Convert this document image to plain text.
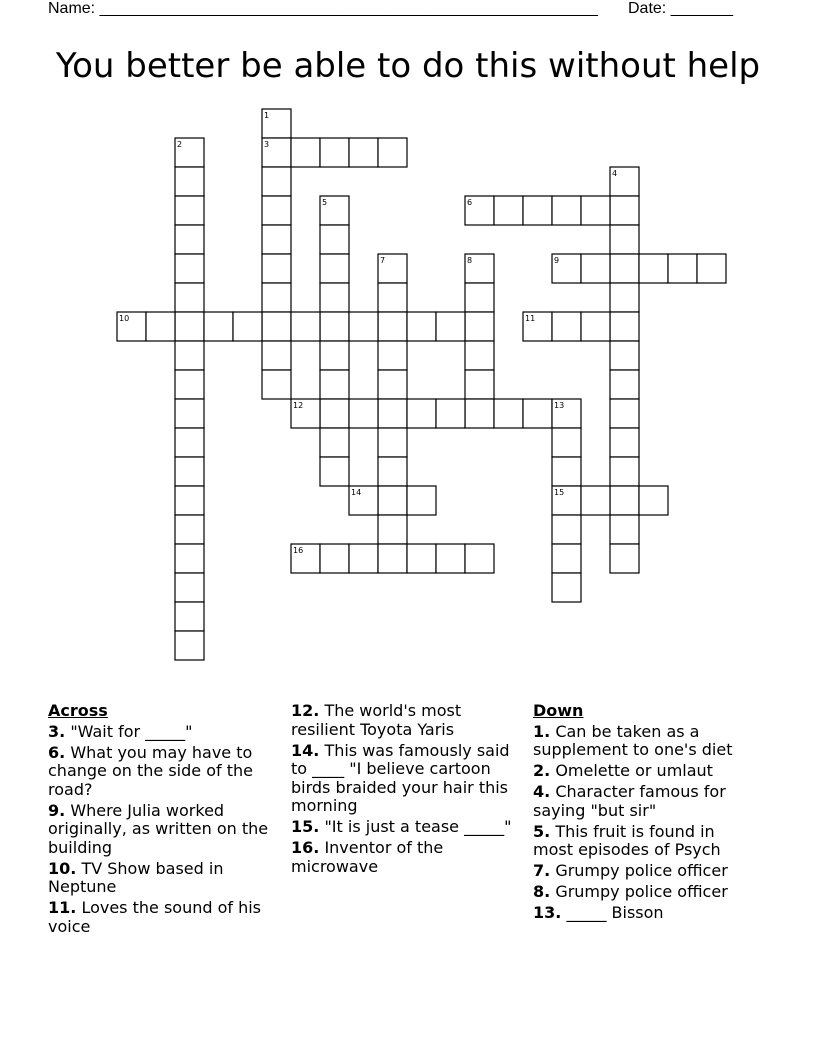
Name: ________________________________________________________ Date: _______
You better be able to do this without help
1
2	3
4
5	6
7	8	9
10	11
12	13
14	15
16
Across
3. "Wait for _____"
6. What you may have to change on the side of the road?
9. Where Julia worked originally, as written on the building
10. TV Show based in Neptune
11. Loves the sound of his voice
12. The world's most resilient Toyota Yaris
14. This was famously said to ____ "I believe cartoon birds braided your hair this morning
15. "It is just a tease _____"
16. Inventor of the microwave
Down
1. Can be taken as a supplement to one's diet
2. Omelette or umlaut
4. Character famous for saying "but sir"
5. This fruit is found in most episodes of Psych
7. Grumpy police officer
8. Grumpy police officer
13. _____ Bisson
